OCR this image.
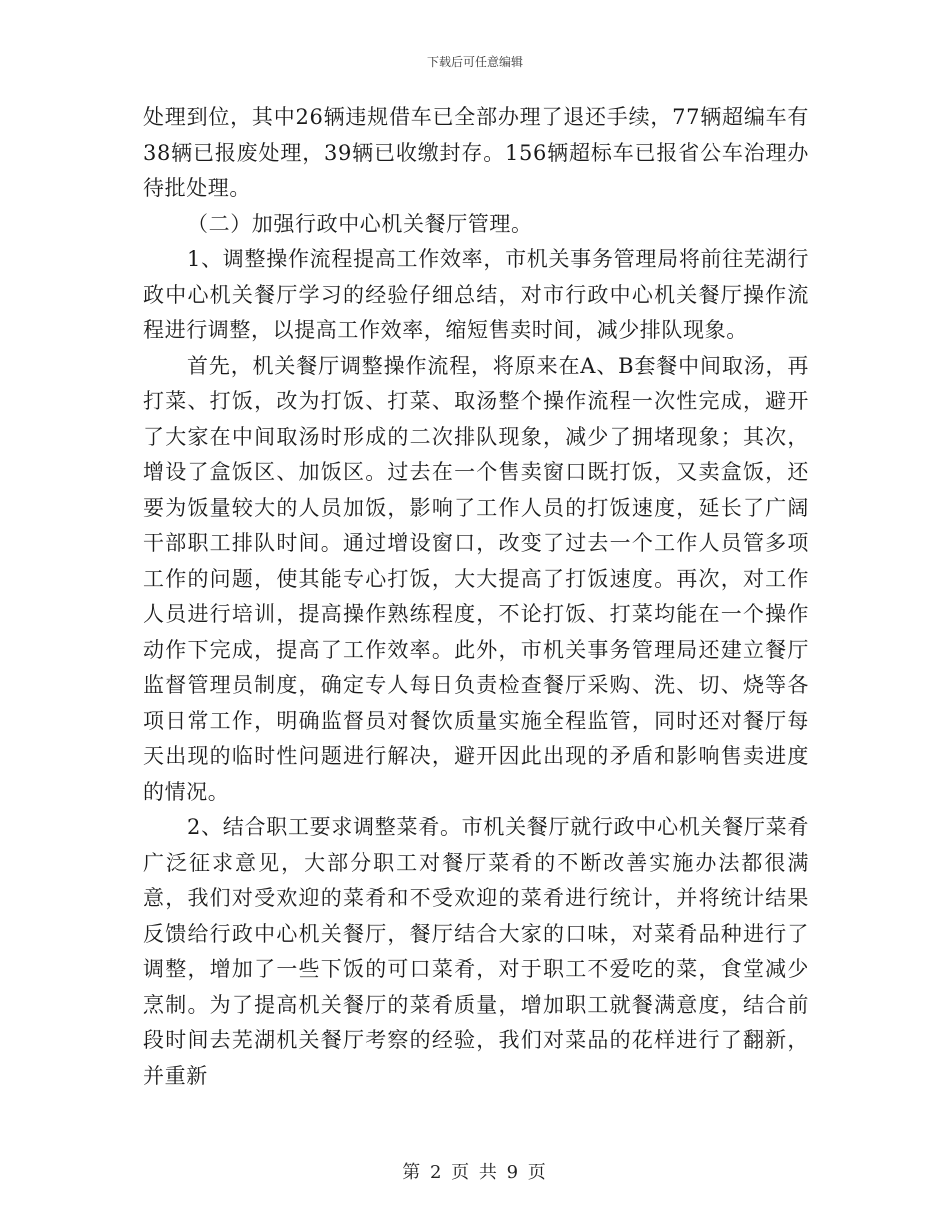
下载后可任意编辑

处理到位，其中26辆违规借车已全部办理了退还手续，77辆超编车有38辆已报废处理，39辆已收缴封存。156辆超标车已报省公车治理办待批处理。

（二）加强行政中心机关餐厅管理。

1、调整操作流程提高工作效率，市机关事务管理局将前往芜湖行政中心机关餐厅学习的经验仔细总结，对市行政中心机关餐厅操作流程进行调整，以提高工作效率，缩短售卖时间，减少排队现象。

首先，机关餐厅调整操作流程，将原来在A、B套餐中间取汤，再打菜、打饭，改为打饭、打菜、取汤整个操作流程一次性完成，避开了大家在中间取汤时形成的二次排队现象，减少了拥堵现象；其次，增设了盒饭区、加饭区。过去在一个售卖窗口既打饭，又卖盒饭，还要为饭量较大的人员加饭，影响了工作人员的打饭速度，延长了广阔干部职工排队时间。通过增设窗口，改变了过去一个工作人员管多项工作的问题，使其能专心打饭，大大提高了打饭速度。再次，对工作人员进行培训，提高操作熟练程度，不论打饭、打菜均能在一个操作动作下完成，提高了工作效率。此外，市机关事务管理局还建立餐厅监督管理员制度，确定专人每日负责检查餐厅采购、洗、切、烧等各项日常工作，明确监督员对餐饮质量实施全程监管，同时还对餐厅每天出现的临时性问题进行解决，避开因此出现的矛盾和影响售卖进度的情况。

2、结合职工要求调整菜肴。市机关餐厅就行政中心机关餐厅菜肴广泛征求意见，大部分职工对餐厅菜肴的不断改善实施办法都很满意，我们对受欢迎的菜肴和不受欢迎的菜肴进行统计，并将统计结果反馈给行政中心机关餐厅，餐厅结合大家的口味，对菜肴品种进行了调整，增加了一些下饭的可口菜肴，对于职工不爱吃的菜，食堂减少烹制。为了提高机关餐厅的菜肴质量，增加职工就餐满意度，结合前段时间去芜湖机关餐厅考察的经验，我们对菜品的花样进行了翻新，并重新

第 2 页 共 9 页
